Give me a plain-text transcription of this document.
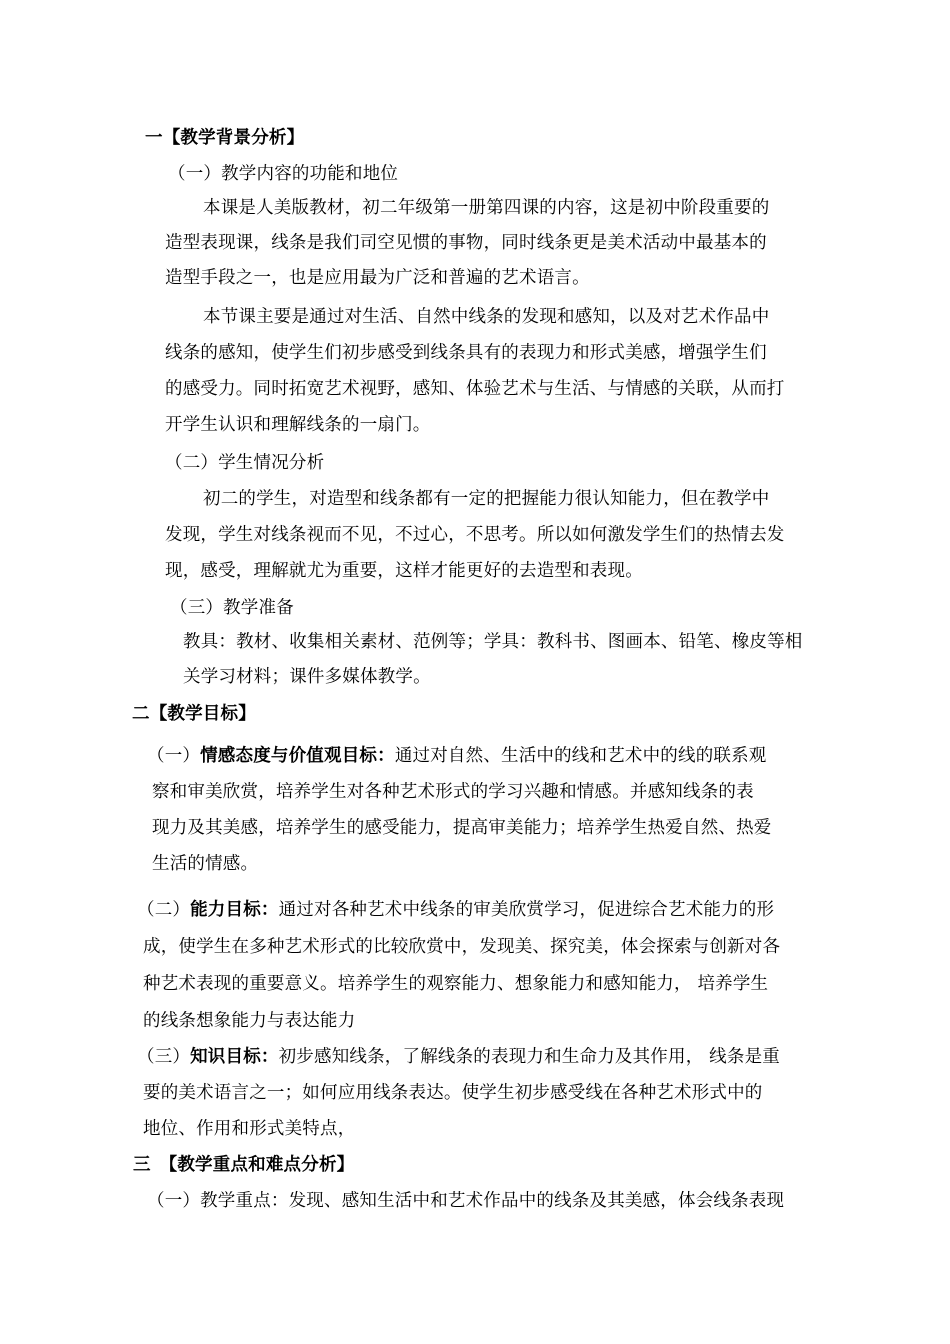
一【教学背景分析】
（一）教学内容的功能和地位
本课是人美版教材，初二年级第一册第四课的内容，这是初中阶段重要的
造型表现课，线条是我们司空见惯的事物，同时线条更是美术活动中最基本的
造型手段之一，也是应用最为广泛和普遍的艺术语言。
本节课主要是通过对生活、自然中线条的发现和感知，以及对艺术作品中
线条的感知，使学生们初步感受到线条具有的表现力和形式美感，增强学生们
的感受力。同时拓宽艺术视野，感知、体验艺术与生活、与情感的关联，从而打
开学生认识和理解线条的一扇门。
（二）学生情况分析
初二的学生，对造型和线条都有一定的把握能力很认知能力，但在教学中
发现，学生对线条视而不见，不过心，不思考。所以如何激发学生们的热情去发
现，感受，理解就尤为重要，这样才能更好的去造型和表现。
（三）教学准备
教具：教材、收集相关素材、范例等；学具：教科书、图画本、铅笔、橡皮等相
关学习材料；课件多媒体教学。
二【教学目标】
（一）情感态度与价值观目标：通过对自然、生活中的线和艺术中的线的联系观
察和审美欣赏，培养学生对各种艺术形式的学习兴趣和情感。并感知线条的表
现力及其美感，培养学生的感受能力，提高审美能力；培养学生热爱自然、热爱
生活的情感。
（二）能力目标：通过对各种艺术中线条的审美欣赏学习，促进综合艺术能力的形
成，使学生在多种艺术形式的比较欣赏中，发现美、探究美，体会探索与创新对各
种艺术表现的重要意义。培养学生的观察能力、想象能力和感知能力， 培养学生
的线条想象能力与表达能力
（三）知识目标：初步感知线条，了解线条的表现力和生命力及其作用， 线条是重
要的美术语言之一；如何应用线条表达。使学生初步感受线在各种艺术形式中的
地位、作用和形式美特点，
三　【教学重点和难点分析】
（一）教学重点：发现、感知生活中和艺术作品中的线条及其美感，体会线条表现
